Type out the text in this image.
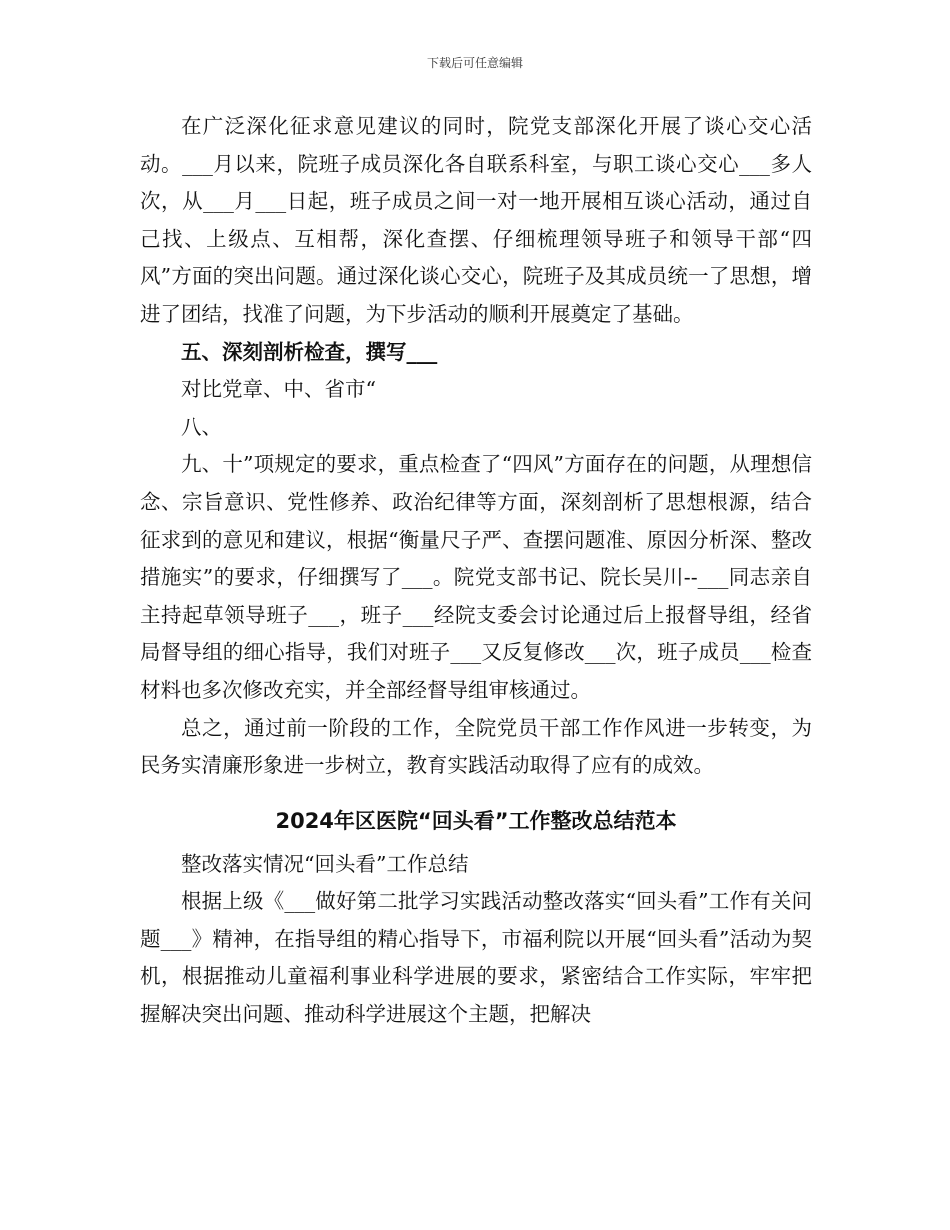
下载后可任意编辑

在广泛深化征求意见建议的同时，院党支部深化开展了谈心交心活动。___月以来，院班子成员深化各自联系科室，与职工谈心交心___多人次，从___月___日起，班子成员之间一对一地开展相互谈心活动，通过自己找、上级点、互相帮，深化查摆、仔细梳理领导班子和领导干部“四风”方面的突出问题。通过深化谈心交心，院班子及其成员统一了思想，增进了团结，找准了问题，为下步活动的顺利开展奠定了基础。

五、深刻剖析检查，撰写___

对比党章、中、省市“

八、

九、十”项规定的要求，重点检查了“四风”方面存在的问题，从理想信念、宗旨意识、党性修养、政治纪律等方面，深刻剖析了思想根源，结合征求到的意见和建议，根据“衡量尺子严、查摆问题准、原因分析深、整改措施实”的要求，仔细撰写了___。院党支部书记、院长吴川--___同志亲自主持起草领导班子___，班子___经院支委会讨论通过后上报督导组，经省局督导组的细心指导，我们对班子___又反复修改___次，班子成员___检查材料也多次修改充实，并全部经督导组审核通过。

总之，通过前一阶段的工作，全院党员干部工作作风进一步转变，为民务实清廉形象进一步树立，教育实践活动取得了应有的成效。

2024年区医院“回头看”工作整改总结范本

整改落实情况“回头看”工作总结

根据上级《___做好第二批学习实践活动整改落实“回头看”工作有关问题___》精神，在指导组的精心指导下，市福利院以开展“回头看”活动为契机，根据推动儿童福利事业科学进展的要求，紧密结合工作实际，牢牢把握解决突出问题、推动科学进展这个主题，把解决
